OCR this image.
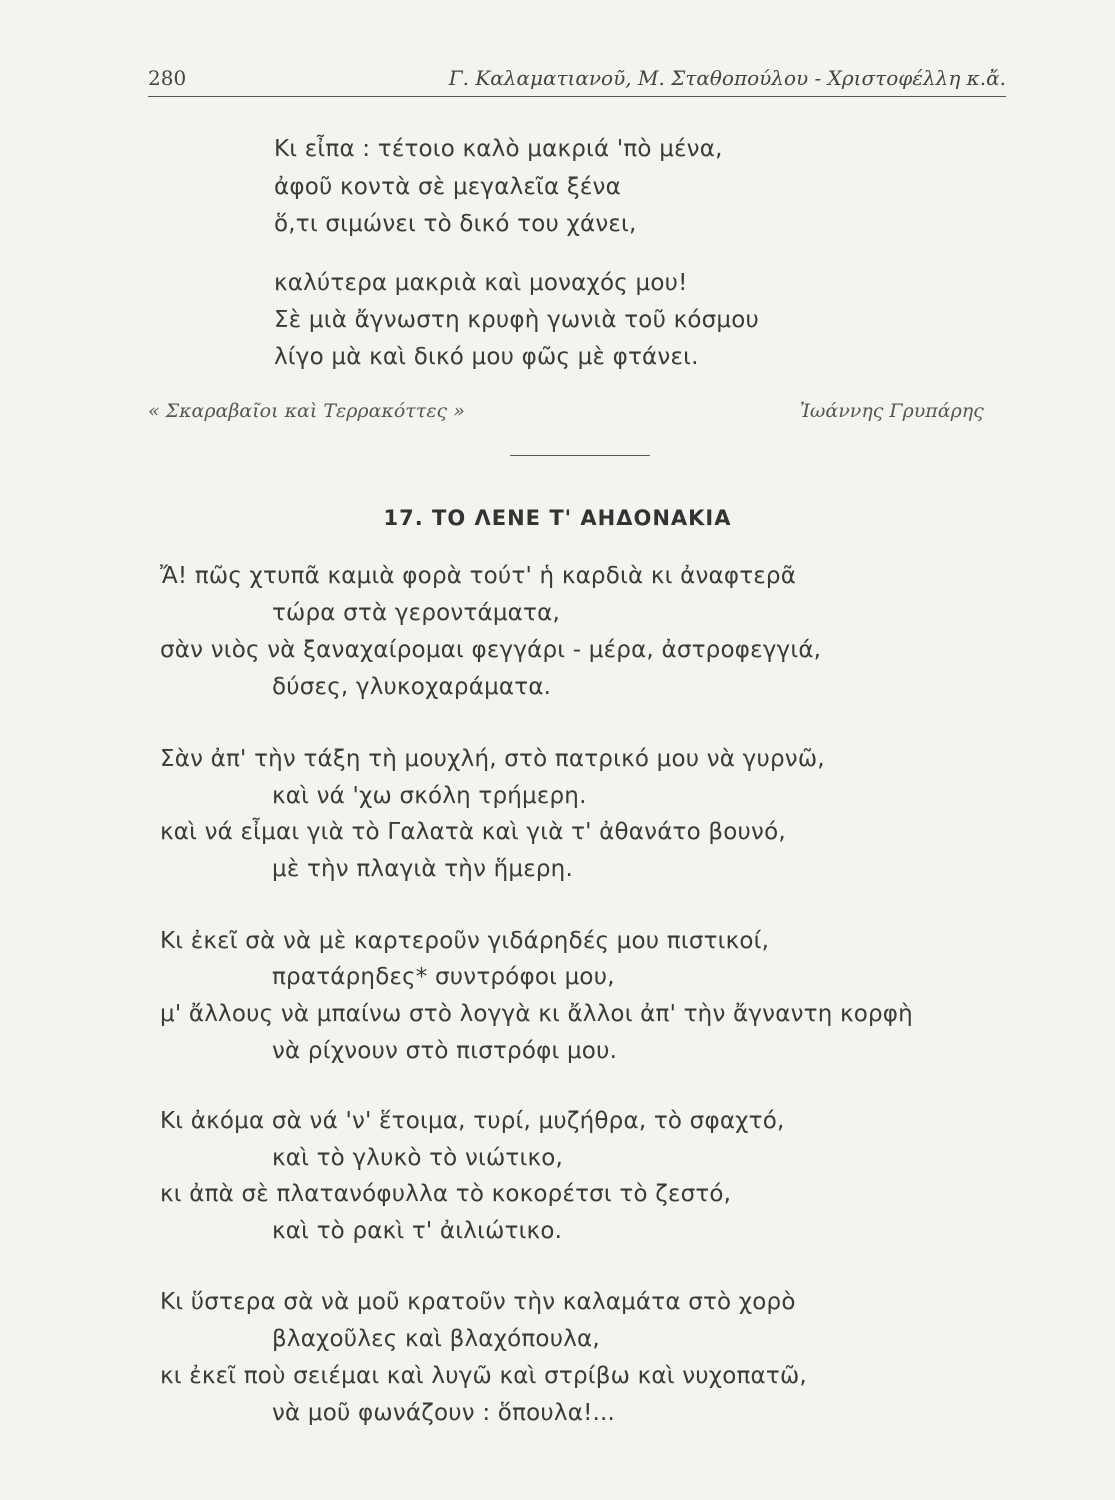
280	Γ. Καλαματιανοῦ, Μ. Σταθοπούλου - Χριστοφέλλη κ.ἄ.
Κι εἶπα : τέτοιο καλὸ μακριά 'πὸ μένα,
ἀφοῦ κοντὰ σὲ μεγαλεῖα ξένα
ὅ,τι σιμώνει τὸ δικό του χάνει,
καλύτερα μακριὰ καὶ μοναχός μου!
Σὲ μιὰ ἄγνωστη κρυφὴ γωνιὰ τοῦ κόσμου
λίγο μὰ καὶ δικό μου φῶς μὲ φτάνει.
« Σκαραβαῖοι καὶ Τερρακόττες »	Ἰωάννης Γρυπάρης
17. ΤΟ ΛΕΝΕ Τ' ΑΗΔΟΝΑΚΙΑ
Ἄ! πῶς χτυπᾶ καμιὰ φορὰ τούτ' ἡ καρδιὰ κι ἀναφτερᾶ
τώρα στὰ γεροντάματα,
σὰν νιὸς νὰ ξαναχαίρομαι φεγγάρι - μέρα, ἀστροφεγγιά,
δύσες, γλυκοχαράματα.
Σὰν ἀπ' τὴν τάξη τὴ μουχλή, στὸ πατρικό μου νὰ γυρνῶ,
καὶ νά 'χω σκόλη τρήμερη.
καὶ νά εἶμαι γιὰ τὸ Γαλατὰ καὶ γιὰ τ' ἀθανάτο βουνό,
μὲ τὴν πλαγιὰ τὴν ἥμερη.
Κι ἐκεῖ σὰ νὰ μὲ καρτεροῦν γιδάρηδές μου πιστικοί,
πρατάρηδες* συντρόφοι μου,
μ' ἄλλους νὰ μπαίνω στὸ λογγὰ κι ἄλλοι ἀπ' τὴν ἄγναντη κορφὴ
νὰ ρίχνουν στὸ πιστρόφι μου.
Κι ἀκόμα σὰ νά 'ν' ἕτοιμα, τυρί, μυζήθρα, τὸ σφαχτό,
καὶ τὸ γλυκὸ τὸ νιώτικο,
κι ἀπὰ σὲ πλατανόφυλλα τὸ κοκορέτσι τὸ ζεστό,
καὶ τὸ ρακὶ τ' ἀιλιώτικο.
Κι ὕστερα σὰ νὰ μοῦ κρατοῦν τὴν καλαμάτα στὸ χορὸ
βλαχοῦλες καὶ βλαχόπουλα,
κι ἐκεῖ ποὺ σειέμαι καὶ λυγῶ καὶ στρίβω καὶ νυχοπατῶ,
νὰ μοῦ φωνάζουν : ὅπουλα!...
